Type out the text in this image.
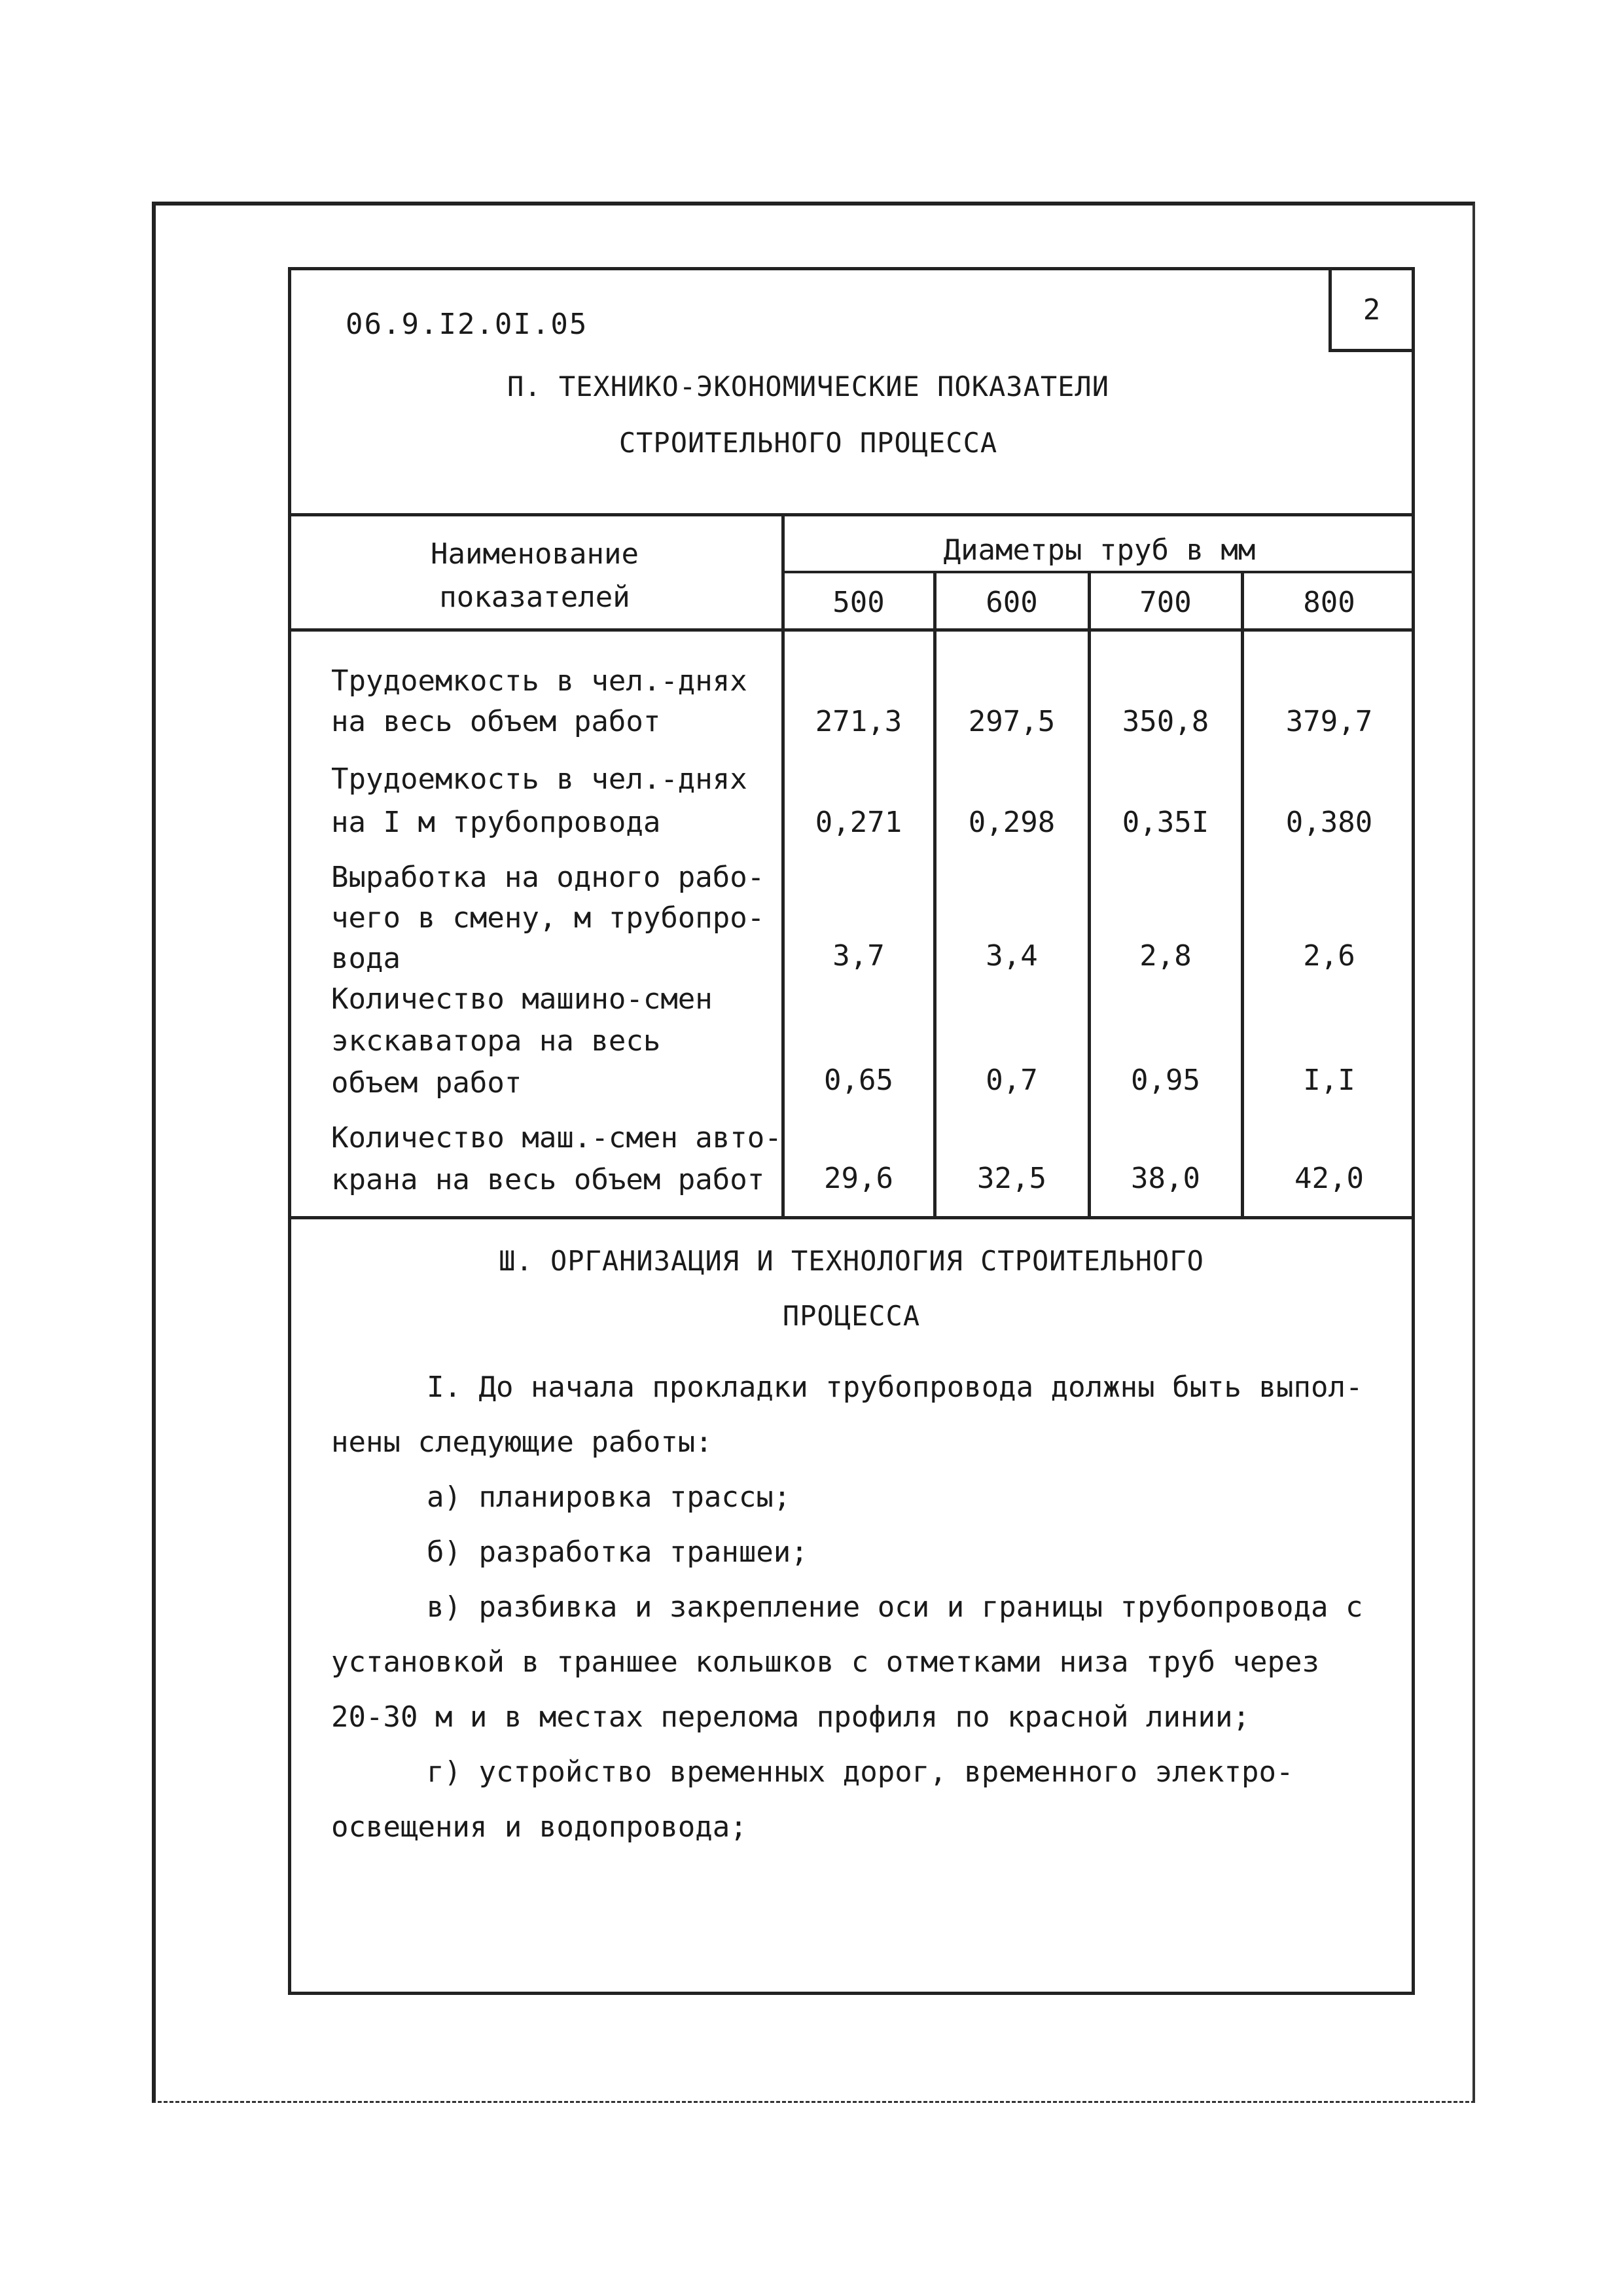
2
06.9.I2.0I.05
П. ТЕХНИКО-ЭКОНОМИЧЕСКИЕ ПОКАЗАТЕЛИ
СТРОИТЕЛЬНОГО ПРОЦЕССА
Наименование
показателей
Диаметры труб в мм
500	600	700	800
Трудоемкость в чел.-днях
на весь объем работ	271,3	297,5	350,8	379,7
Трудоемкость в чел.-днях
на I м трубопровода	0,271	0,298	0,35I	0,380
Выработка на одного рабо-
чего в смену, м трубопро-
вода	3,7	3,4	2,8	2,6
Количество машино-смен
экскаватора на весь
объем работ	0,65	0,7	0,95	I,I
Количество маш.-смен авто-
крана на весь объем работ	29,6	32,5	38,0	42,0
Ш. ОРГАНИЗАЦИЯ И ТЕХНОЛОГИЯ СТРОИТЕЛЬНОГО
ПРОЦЕССА
I. До начала прокладки трубопровода должны быть выпол-
нены следующие работы:
а) планировка трассы;
б) разработка траншеи;
в) разбивка и закрепление оси и границы трубопровода с
установкой в траншее кольшков с отметками низа труб через
20-30 м и в местах перелома профиля по красной линии;
г) устройство временных дорог, временного электро-
освещения и водопровода;
